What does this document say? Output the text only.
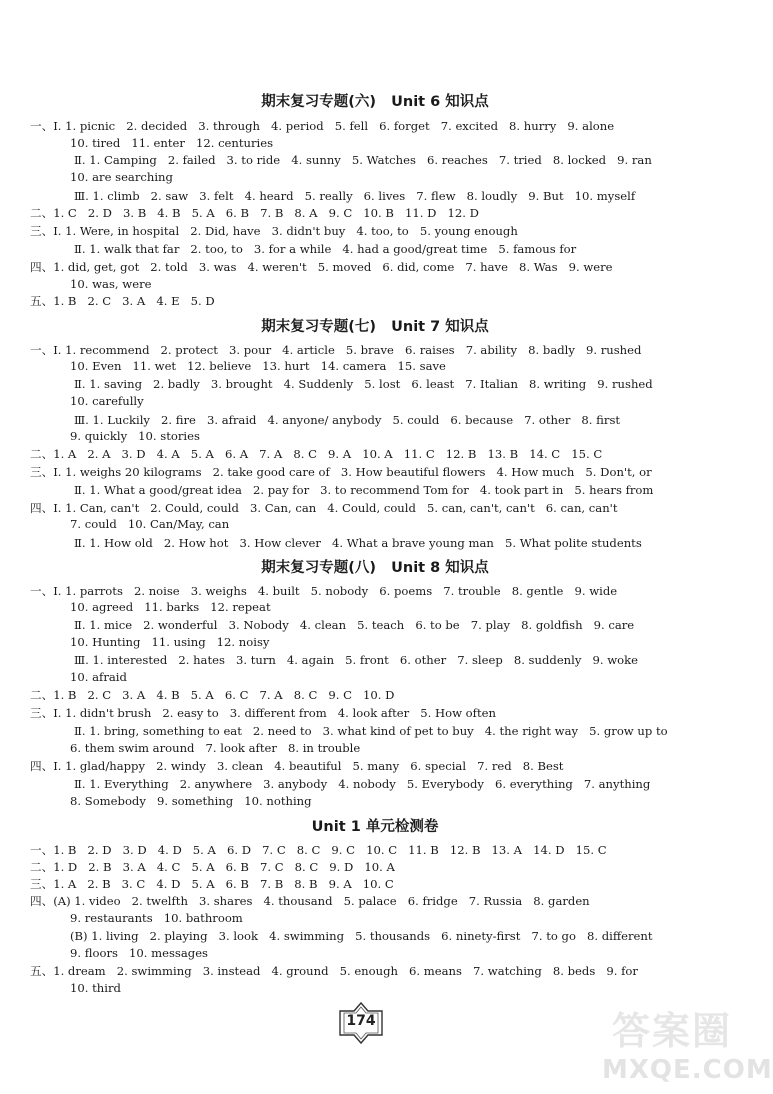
期末复习专题(六)   Unit 6 知识点
一、Ⅰ. 1. picnic   2. decided   3. through   4. period   5. fell   6. forget   7. excited   8. hurry   9. alone
10. tired   11. enter   12. centuries
Ⅱ. 1. Camping   2. failed   3. to ride   4. sunny   5. Watches   6. reaches   7. tried   8. locked   9. ran
10. are searching
Ⅲ. 1. climb   2. saw   3. felt   4. heard   5. really   6. lives   7. flew   8. loudly   9. But   10. myself
二、1. C   2. D   3. B   4. B   5. A   6. B   7. B   8. A   9. C   10. B   11. D   12. D
三、Ⅰ. 1. Were, in hospital   2. Did, have   3. didn't buy   4. too, to   5. young enough
Ⅱ. 1. walk that far   2. too, to   3. for a while   4. had a good/great time   5. famous for
四、1. did, get, got   2. told   3. was   4. weren't   5. moved   6. did, come   7. have   8. Was   9. were
10. was, were
五、1. B   2. C   3. A   4. E   5. D
期末复习专题(七)   Unit 7 知识点
一、Ⅰ. 1. recommend   2. protect   3. pour   4. article   5. brave   6. raises   7. ability   8. badly   9. rushed
10. Even   11. wet   12. believe   13. hurt   14. camera   15. save
Ⅱ. 1. saving   2. badly   3. brought   4. Suddenly   5. lost   6. least   7. Italian   8. writing   9. rushed
10. carefully
Ⅲ. 1. Luckily   2. fire   3. afraid   4. anyone/ anybody   5. could   6. because   7. other   8. first
9. quickly   10. stories
二、1. A   2. A   3. D   4. A   5. A   6. A   7. A   8. C   9. A   10. A   11. C   12. B   13. B   14. C   15. C
三、Ⅰ. 1. weighs 20 kilograms   2. take good care of   3. How beautiful flowers   4. How much   5. Don't, or
Ⅱ. 1. What a good/great idea   2. pay for   3. to recommend Tom for   4. took part in   5. hears from
四、Ⅰ. 1. Can, can't   2. Could, could   3. Can, can   4. Could, could   5. can, can't, can't   6. can, can't
7. could   10. Can/May, can
Ⅱ. 1. How old   2. How hot   3. How clever   4. What a brave young man   5. What polite students
期末复习专题(八)   Unit 8 知识点
一、Ⅰ. 1. parrots   2. noise   3. weighs   4. built   5. nobody   6. poems   7. trouble   8. gentle   9. wide
10. agreed   11. barks   12. repeat
Ⅱ. 1. mice   2. wonderful   3. Nobody   4. clean   5. teach   6. to be   7. play   8. goldfish   9. care
10. Hunting   11. using   12. noisy
Ⅲ. 1. interested   2. hates   3. turn   4. again   5. front   6. other   7. sleep   8. suddenly   9. woke
10. afraid
二、1. B   2. C   3. A   4. B   5. A   6. C   7. A   8. C   9. C   10. D
三、Ⅰ. 1. didn't brush   2. easy to   3. different from   4. look after   5. How often
Ⅱ. 1. bring, something to eat   2. need to   3. what kind of pet to buy   4. the right way   5. grow up to
6. them swim around   7. look after   8. in trouble
四、Ⅰ. 1. glad/happy   2. windy   3. clean   4. beautiful   5. many   6. special   7. red   8. Best
Ⅱ. 1. Everything   2. anywhere   3. anybody   4. nobody   5. Everybody   6. everything   7. anything
8. Somebody   9. something   10. nothing
Unit 1 单元检测卷
一、1. B   2. D   3. D   4. D   5. A   6. D   7. C   8. C   9. C   10. C   11. B   12. B   13. A   14. D   15. C
二、1. D   2. B   3. A   4. C   5. A   6. B   7. C   8. C   9. D   10. A
三、1. A   2. B   3. C   4. D   5. A   6. B   7. B   8. B   9. A   10. C
四、(A) 1. video   2. twelfth   3. shares   4. thousand   5. palace   6. fridge   7. Russia   8. garden
9. restaurants   10. bathroom
(B) 1. living   2. playing   3. look   4. swimming   5. thousands   6. ninety-first   7. to go   8. different
9. floors   10. messages
五、1. dream   2. swimming   3. instead   4. ground   5. enough   6. means   7. watching   8. beds   9. for
10. third
174	答案圈
MXQE.COM
